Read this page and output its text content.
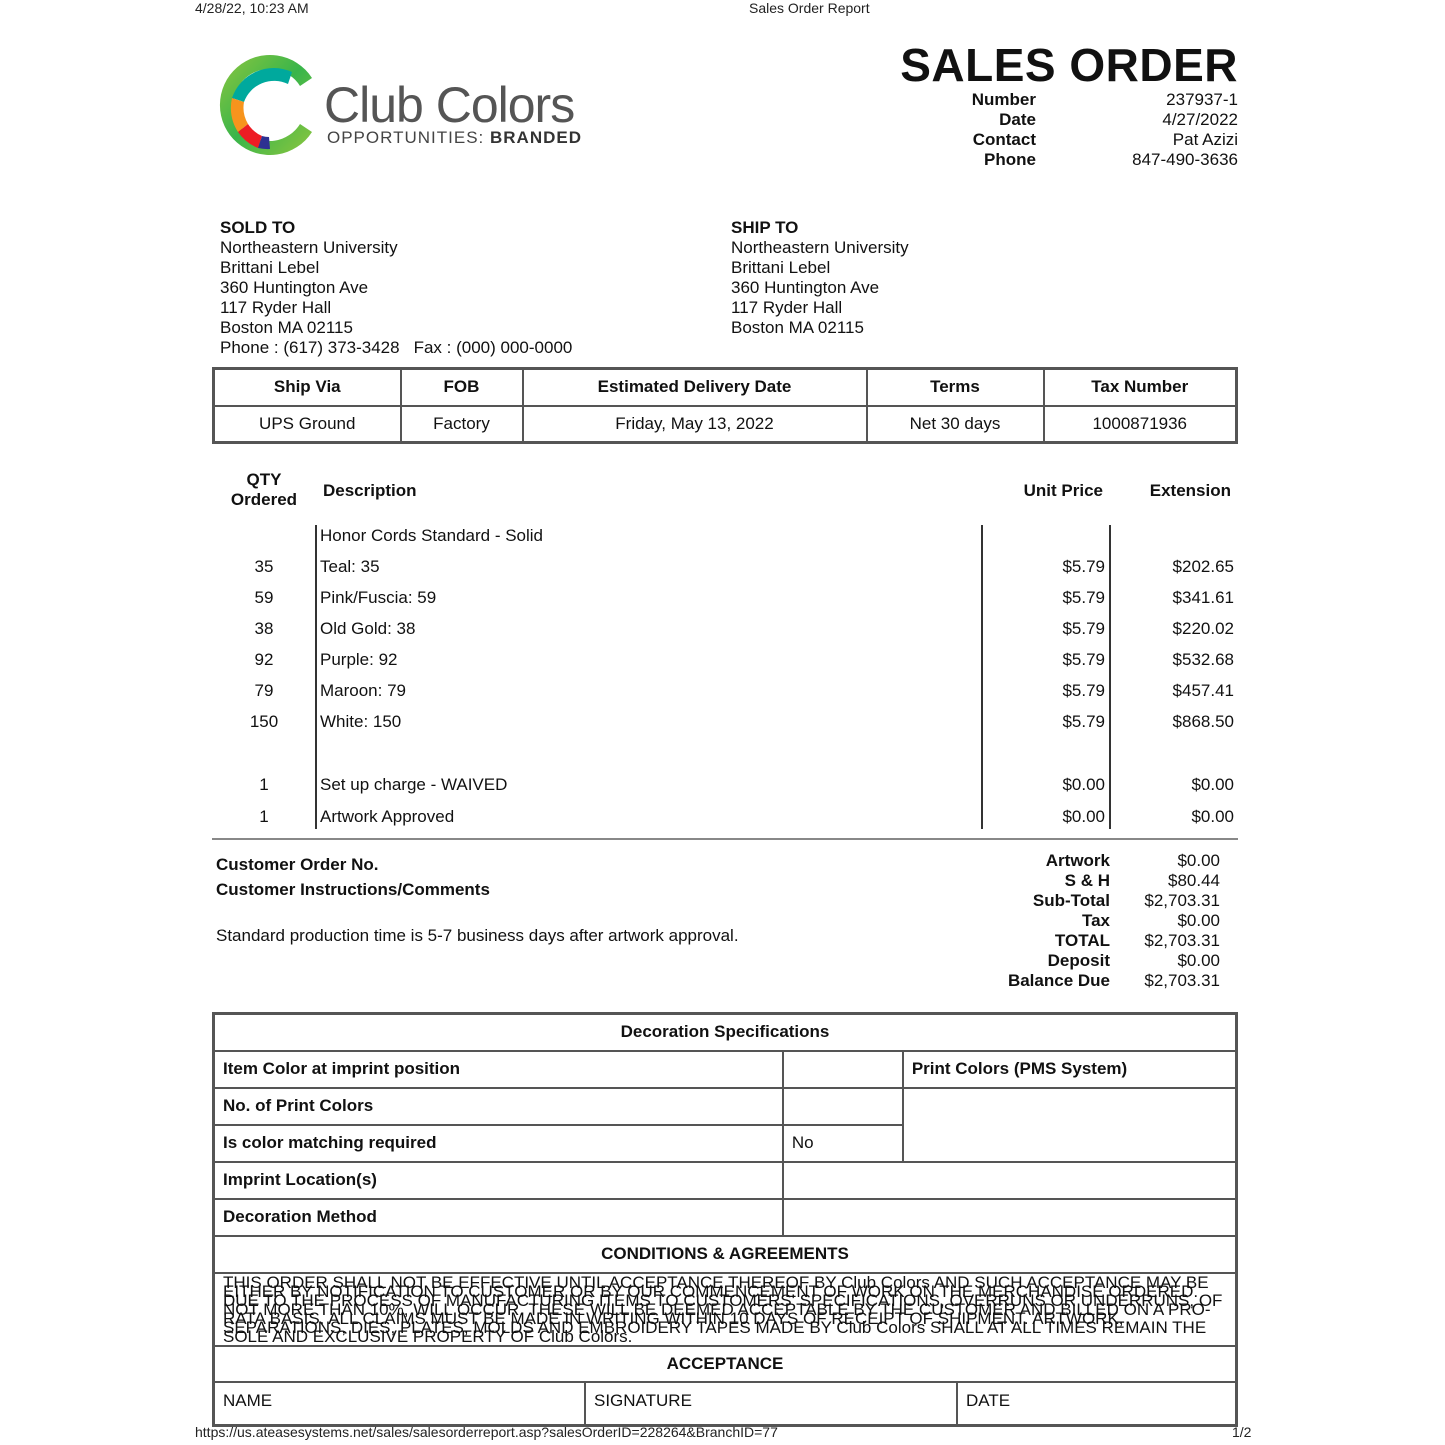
4/28/22, 10:23 AM	Sales Order Report
Club Colors
OPPORTUNITIES: BRANDED
SALES ORDER
Number	237937-1
Date	4/27/2022
Contact	Pat Azizi
Phone	847-490-3636
SOLD TO
Northeastern University
Brittani Lebel
360 Huntington Ave
117 Ryder Hall
Boston MA 02115
Phone : (617) 373-3428 Fax : (000) 000-0000
SHIP TO
Northeastern University
Brittani Lebel
360 Huntington Ave
117 Ryder Hall
Boston MA 02115
Ship Via	FOB	Estimated Delivery Date	Terms	Tax Number
UPS Ground	Factory	Friday, May 13, 2022	Net 30 days	1000871936
QTY
Ordered	Description	Unit Price	Extension
Honor Cords Standard - Solid
35	Teal: 35	$5.79	$202.65
59	Pink/Fuscia: 59	$5.79	$341.61
38	Old Gold: 38	$5.79	$220.02
92	Purple: 92	$5.79	$532.68
79	Maroon: 79	$5.79	$457.41
150	White: 150	$5.79	$868.50
1	Set up charge - WAIVED	$0.00	$0.00
1	Artwork Approved	$0.00	$0.00
Customer Order No.
Customer Instructions/Comments
Standard production time is 5-7 business days after artwork approval.
Artwork	$0.00
S & H	$80.44
Sub-Total	$2,703.31
Tax	$0.00
TOTAL	$2,703.31
Deposit	$0.00
Balance Due	$2,703.31
Decoration Specifications		
Item Color at imprint position		Print Colors (PMS System)
No. of Print Colors		
Is color matching required	No	
Imprint Location(s)		
Decoration Method		
CONDITIONS & AGREEMENTS		
THIS ORDER SHALL NOT BE EFFECTIVE UNTIL ACCEPTANCE THEREOF BY Club Colors AND SUCH ACCEPTANCE MAY BE EITHER BY NOTIFICATION TO CUSTOMER OR BY OUR COMMENCEMENT OF WORK ON THE MERCHANDISE ORDERED. DUE TO THE PROCESS OF MANUFACTURING ITEMS TO CUSTOMERS' SPECIFICATIONS, OVERRUNS OR UNDERRUNS, OF NOT MORE THAN 10%, WILL OCCUR. THESE WILL BE DEEMED ACCEPTABLE BY THE CUSTOMER AND BILLED ON A PRO-RATA BASIS. ALL CLAIMS MUST BE MADE IN WRITING WITHIN 10 DAYS OF RECEIPT OF SHIPMENT. ARTWORK, SEPARATIONS, DIES, PLATES, MOLDS AND EMBROIDERY TAPES MADE BY Club Colors SHALL AT ALL TIMES REMAIN THE SOLE AND EXCLUSIVE PROPERTY OF Club Colors.		
ACCEPTANCE		

NAME SIGNATURE DATE		
https://us.ateasesystems.net/sales/salesorderreport.asp?salesOrderID=228264&BranchID=77	1/2
